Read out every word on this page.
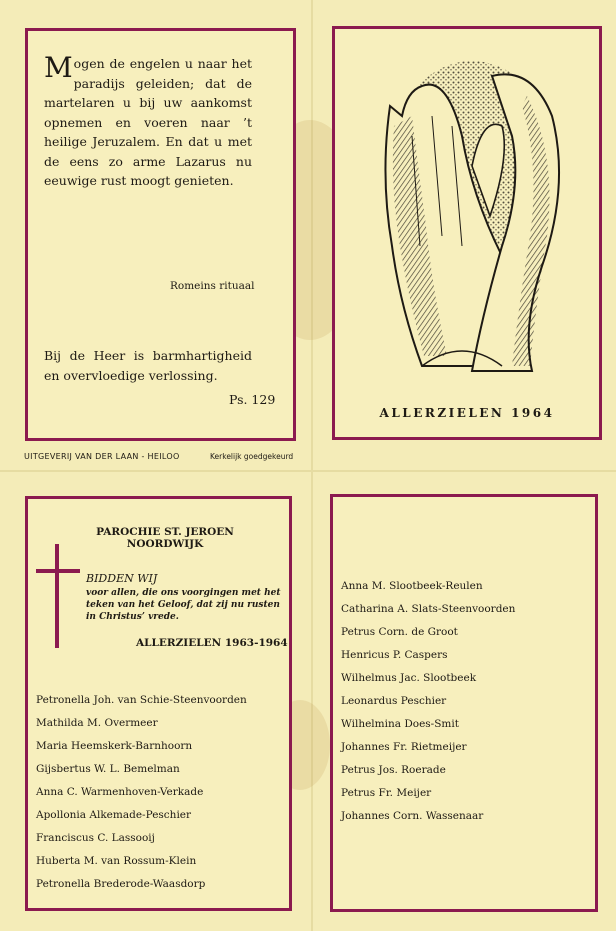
Mogen de engelen u naar het paradijs geleiden; dat de martelaren u bij uw aankomst opnemen en voeren naar ’t heilige Jeruzalem. En dat u met de eens zo arme Lazarus nu eeuwige rust moogt genieten.
Romeins rituaal
Bij de Heer is barmhartigheid en overvloedige verlossing.
Ps. 129
UITGEVERIJ VAN DER LAAN - HEILOO	Kerkelijk goedgekeurd
ALLERZIELEN 1964
PAROCHIE ST. JEROEN
NOORDWIJK
BIDDEN WIJ
voor allen, die ons voorgingen met het teken van het Geloof, dat zij nu rusten in Christus’ vrede.
ALLERZIELEN 1963-1964
Petronella Joh. van Schie-Steenvoorden
Mathilda M. Overmeer
Maria Heemskerk-Barnhoorn
Gijsbertus W. L. Bemelman
Anna C. Warmenhoven-Verkade
Apollonia Alkemade-Peschier
Franciscus C. Lassooij
Huberta M. van Rossum-Klein
Petronella Brederode-Waasdorp
Anna M. Slootbeek-Reulen
Catharina A. Slats-Steenvoorden
Petrus Corn. de Groot
Henricus P. Caspers
Wilhelmus Jac. Slootbeek
Leonardus Peschier
Wilhelmina Does-Smit
Johannes Fr. Rietmeijer
Petrus Jos. Roerade
Petrus Fr. Meijer
Johannes Corn. Wassenaar
